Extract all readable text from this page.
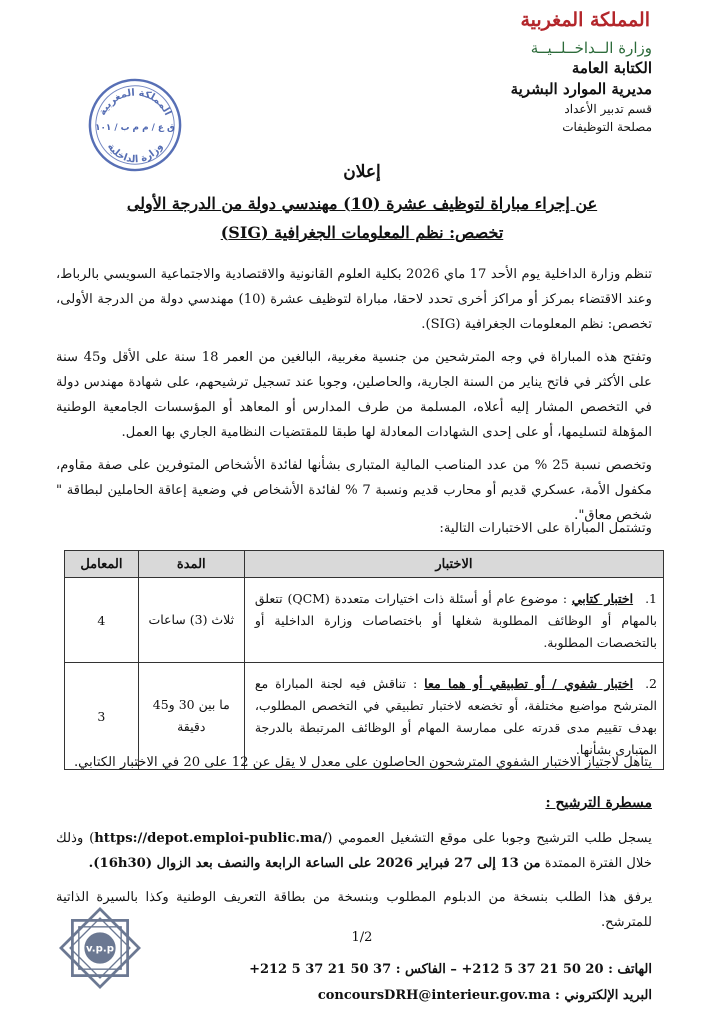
المملكة المغربية
وزارة الــداخــلــيــة
الكتابة العامة
مديرية الموارد البشرية
قسم تدبير الأعداد
مصلحة التوظيفات
المملكة المغربية
ق ع / م م ب / ١٠١
وزارة الداخلية
إعلان
عن إجراء مباراة لتوظيف عشرة (10) مهندسي دولة من الدرجة الأولى
تخصص: نظم المعلومات الجغرافية (SIG)
تنظم وزارة الداخلية يوم الأحد 17 ماي 2026 بكلية العلوم القانونية والاقتصادية والاجتماعية السويسي بالرباط، وعند الاقتضاء بمركز أو مراكز أخرى تحدد لاحقا، مباراة لتوظيف عشرة (10) مهندسي دولة من الدرجة الأولى، تخصص: نظم المعلومات الجغرافية (SIG).
وتفتح هذه المباراة في وجه المترشحين من جنسية مغربية، البالغين من العمر 18 سنة على الأقل و45 سنة على الأكثر في فاتح يناير من السنة الجارية، والحاصلين، وجوبا عند تسجيل ترشيحهم، على شهادة مهندس دولة في التخصص المشار إليه أعلاه، المسلمة من طرف المدارس أو المعاهد أو المؤسسات الجامعية الوطنية المؤهلة لتسليمها، أو على إحدى الشهادات المعادلة لها طبقا للمقتضيات النظامية الجاري بها العمل.
وتخصص نسبة 25 % من عدد المناصب المالية المتبارى بشأنها لفائدة الأشخاص المتوفرين على صفة مقاوم، مكفول الأمة، عسكري قديم أو محارب قديم ونسبة 7 % لفائدة الأشخاص في وضعية إعاقة الحاملين لبطاقة " شخص معاق".
وتشتمل المباراة على الاختبارات التالية:
الاختبار	المدة	المعامل
1.اختبار كتابي : موضوع عام أو أسئلة ذات اختيارات متعددة (QCM) تتعلق بالمهام أو الوظائف المطلوبة شغلها أو باختصاصات وزارة الداخلية أو بالتخصصات المطلوبة.	ثلاث (3) ساعات	4
2.اختبار شفوي / أو تطبيقي أو هما معا : تناقش فيه لجنة المباراة مع المترشح مواضيع مختلفة، أو تخضعه لاختبار تطبيقي في التخصص المطلوب، بهدف تقييم مدى قدرته على ممارسة المهام أو الوظائف المرتبطة بالدرجة المتبارى بشأنها.	ما بين 30 و45 دقيقة	3
يتأهل لاجتياز الاختبار الشفوي المترشحون الحاصلون على معدل لا يقل عن 12 على 20 في الاختبار الكتابي.
مسطرة الترشيح :
يسجل طلب الترشيح وجوبا على موقع التشغيل العمومي (https://depot.emploi-public.ma/) وذلك خلال الفترة الممتدة من 13 إلى 27 فبراير 2026 على الساعة الرابعة والنصف بعد الزوال (16h30).
يرفق هذا الطلب بنسخة من الدبلوم المطلوب وبنسخة من بطاقة التعريف الوطنية وكذا بالسيرة الذاتية للمترشح.
v.p.p
1/2
الهاتف : +212 5 37 21 50 20 – الفاكس : +212 5 37 21 50 37
البريد الإلكتروني : concoursDRH@interieur.gov.ma
